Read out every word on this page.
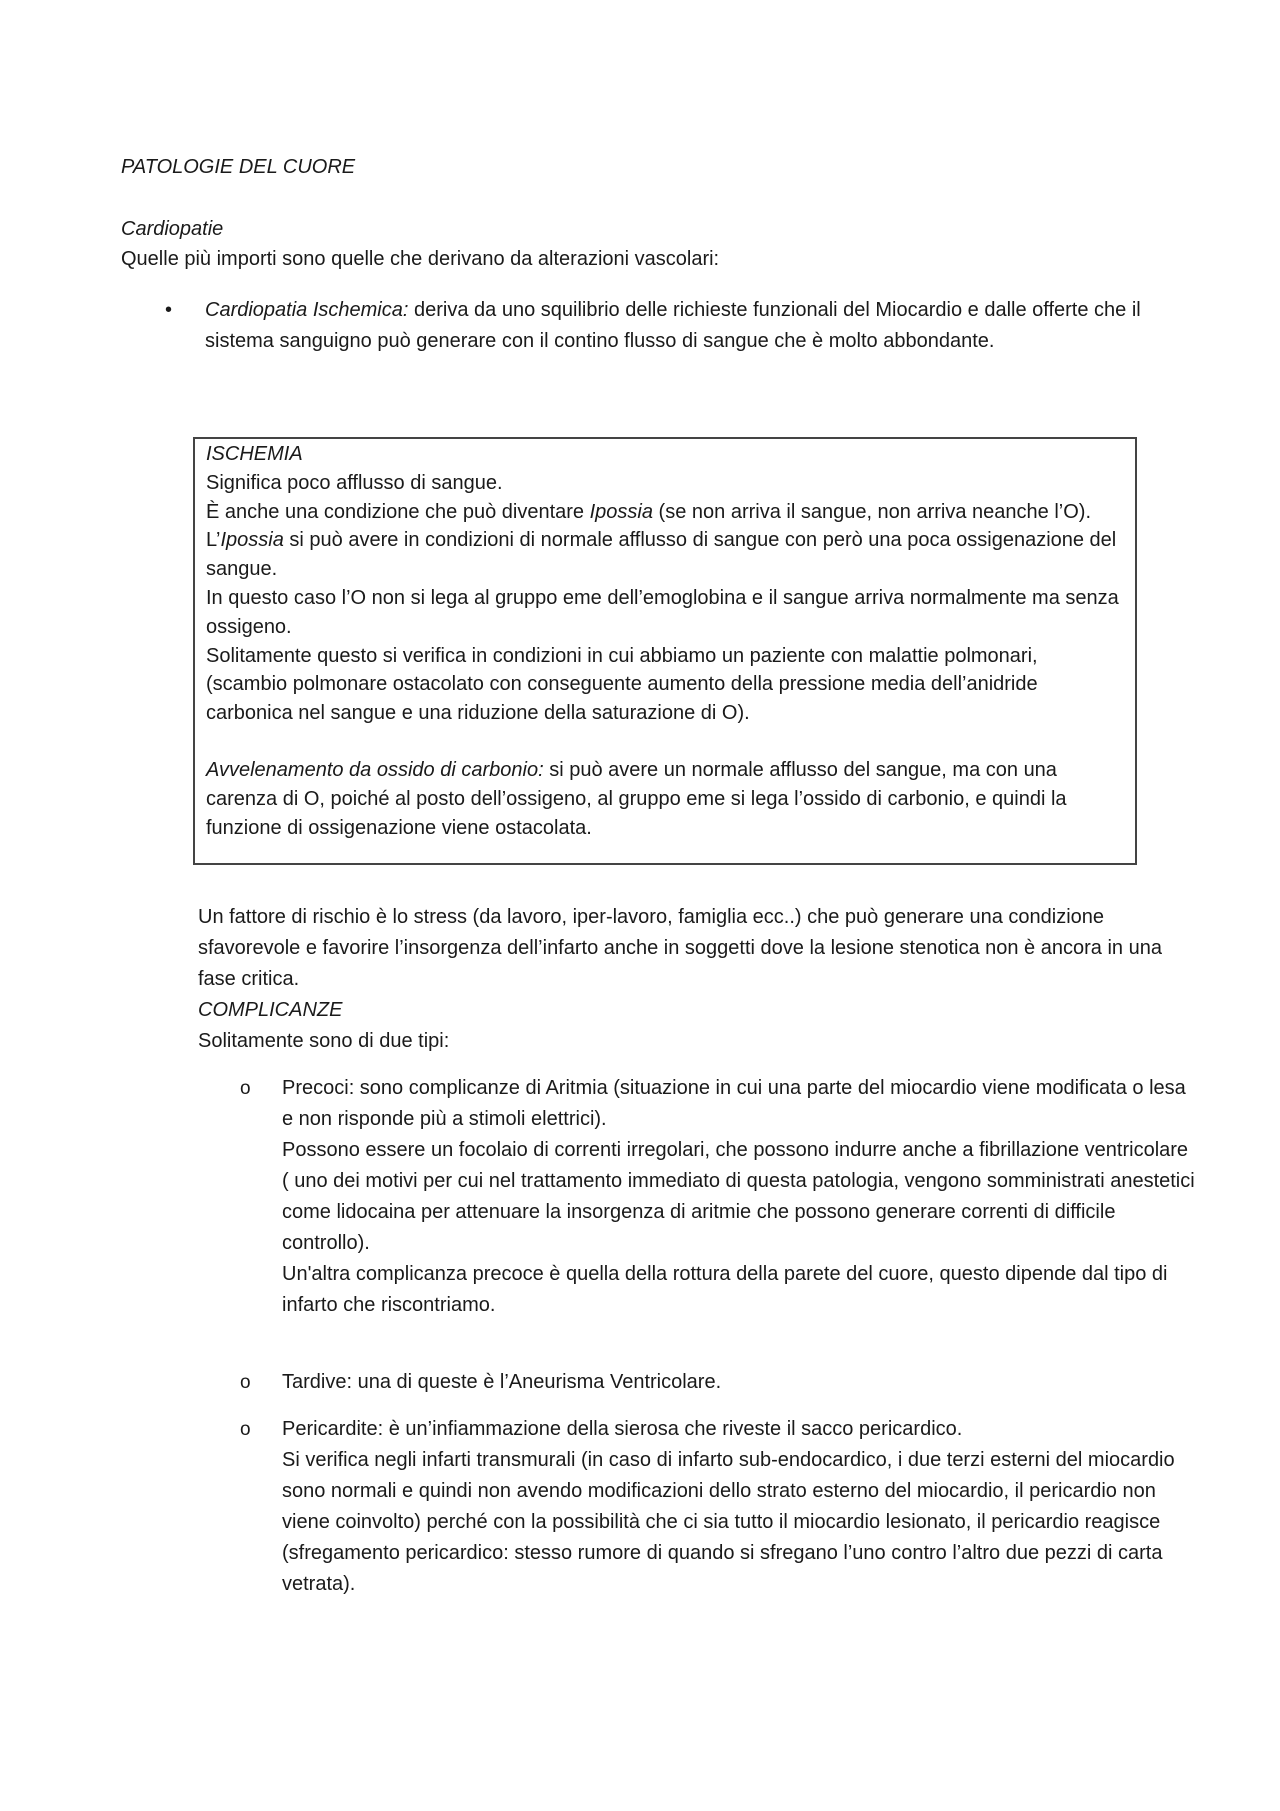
PATOLOGIE DEL CUORE

Cardiopatie

Quelle più importi sono quelle che derivano da alterazioni vascolari:

•	Cardiopatia Ischemica: deriva da uno squilibrio delle richieste funzionali del Miocardio e dalle offerte che il sistema sanguigno può generare con il contino flusso di sangue che è molto abbondante.

ISCHEMIA

Significa poco afflusso di sangue.

È anche una condizione che può diventare Ipossia (se non arriva il sangue, non arriva neanche l’O).

L’Ipossia si può avere in condizioni di normale afflusso di sangue con però una poca ossigenazione del sangue.

In questo caso l’O non si lega al gruppo eme dell’emoglobina e il sangue arriva normalmente ma senza ossigeno.

Solitamente questo si verifica in condizioni in cui abbiamo un paziente con malattie polmonari, (scambio polmonare ostacolato con conseguente aumento della pressione media dell’anidride carbonica nel sangue e una riduzione della saturazione di O).

Avvelenamento da ossido di carbonio: si può avere un normale afflusso del sangue, ma con una carenza di O, poiché al posto dell’ossigeno, al gruppo eme si lega l’ossido di carbonio, e quindi la funzione di ossigenazione viene ostacolata.

Un fattore di rischio è lo stress (da lavoro, iper-lavoro, famiglia ecc..) che può generare una condizione sfavorevole e favorire l’insorgenza dell’infarto anche in soggetti dove la lesione stenotica non è ancora in una fase critica.

COMPLICANZE

Solitamente sono di due tipi:

o	Precoci: sono complicanze di Aritmia (situazione in cui una parte del miocardio viene modificata o lesa e non risponde più a stimoli elettrici).

Possono essere un focolaio di correnti irregolari, che possono indurre anche a fibrillazione ventricolare ( uno dei motivi per cui nel trattamento immediato di questa patologia, vengono somministrati anestetici come lidocaina per attenuare la insorgenza di aritmie che possono generare correnti di difficile controllo).

Un'altra complicanza precoce è quella della rottura della parete del cuore, questo dipende dal tipo di infarto che riscontriamo.

o	Tardive: una di queste è l’Aneurisma Ventricolare.

o	Pericardite: è un’infiammazione della sierosa che riveste il sacco pericardico.

Si verifica negli infarti transmurali (in caso di infarto sub-endocardico, i due terzi esterni del miocardio sono normali e quindi non avendo modificazioni dello strato esterno del miocardio, il pericardio non viene coinvolto) perché con la possibilità che ci sia tutto il miocardio lesionato, il pericardio reagisce (sfregamento pericardico: stesso rumore di quando si sfregano l’uno contro l’altro due pezzi di carta vetrata).
